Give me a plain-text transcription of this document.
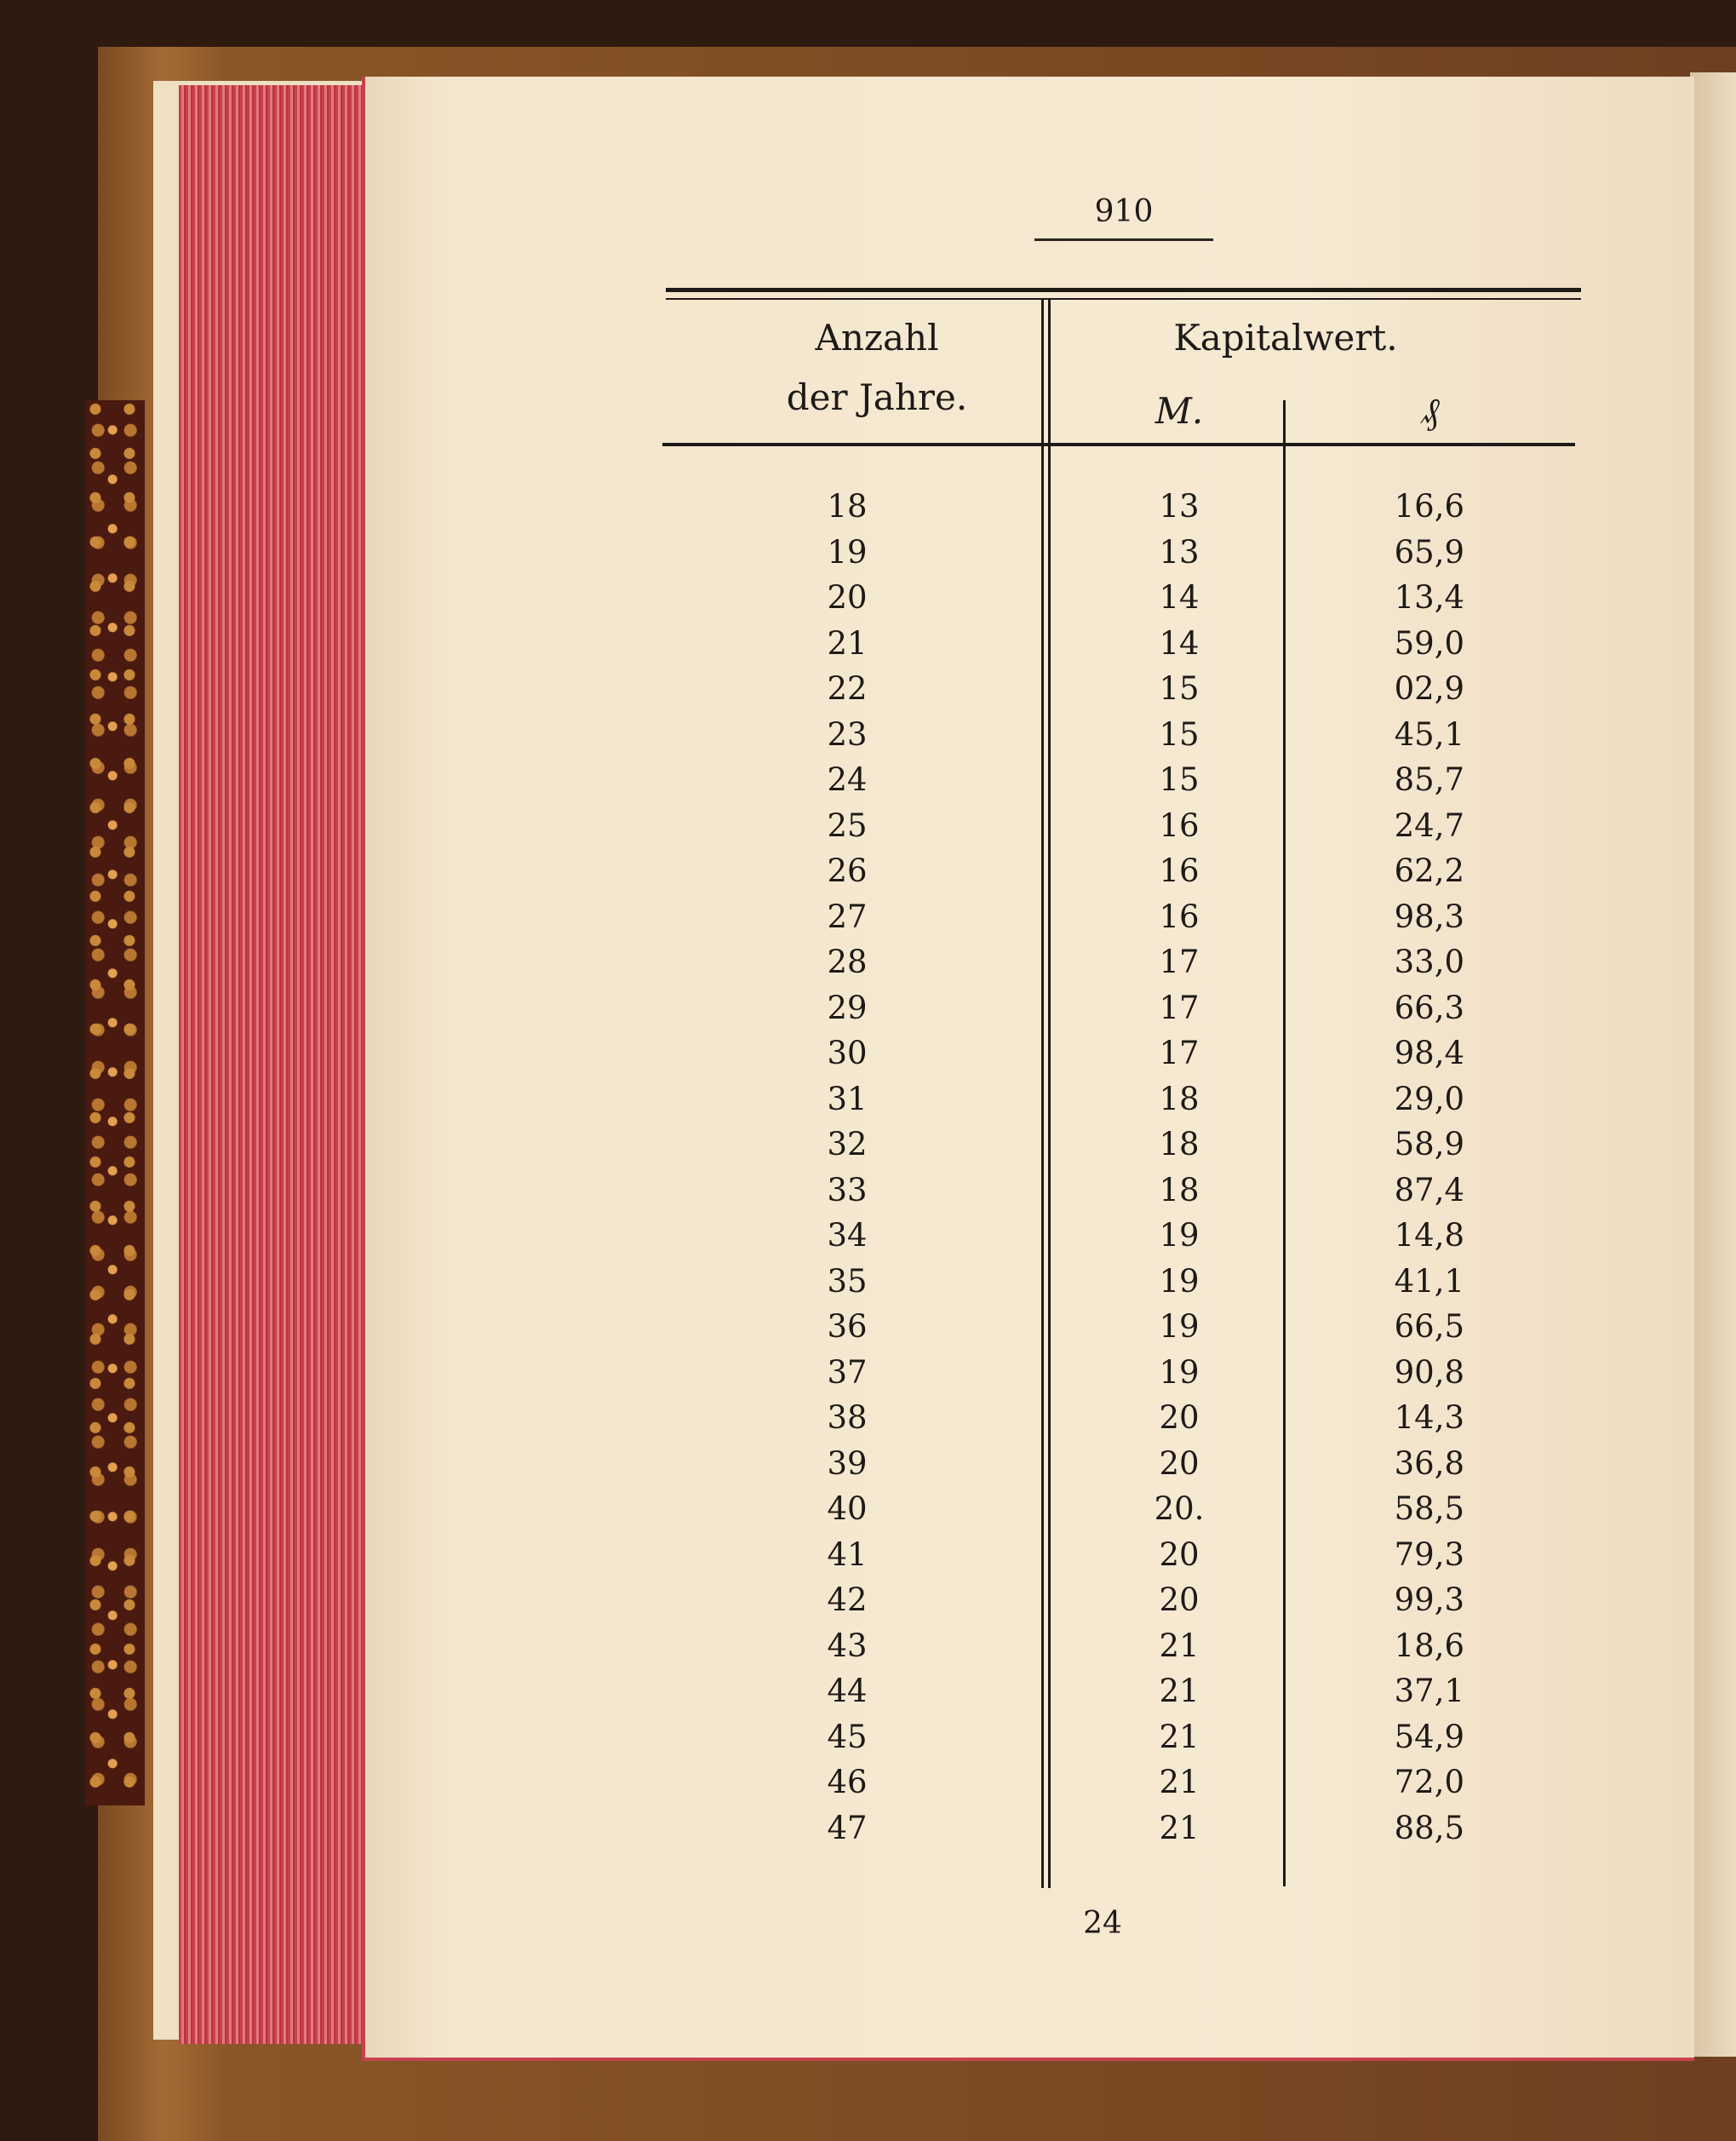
910
Anzahl
der Jahre.
Kapitalwert.
M.	₰
18	13	16,6
19	13	65,9
20	14	13,4
21	14	59,0
22	15	02,9
23	15	45,1
24	15	85,7
25	16	24,7
26	16	62,2
27	16	98,3
28	17	33,0
29	17	66,3
30	17	98,4
31	18	29,0
32	18	58,9
33	18	87,4
34	19	14,8
35	19	41,1
36	19	66,5
37	19	90,8
38	20	14,3
39	20	36,8
40	20.	58,5
41	20	79,3
42	20	99,3
43	21	18,6
44	21	37,1
45	21	54,9
46	21	72,0
47	21	88,5
24
